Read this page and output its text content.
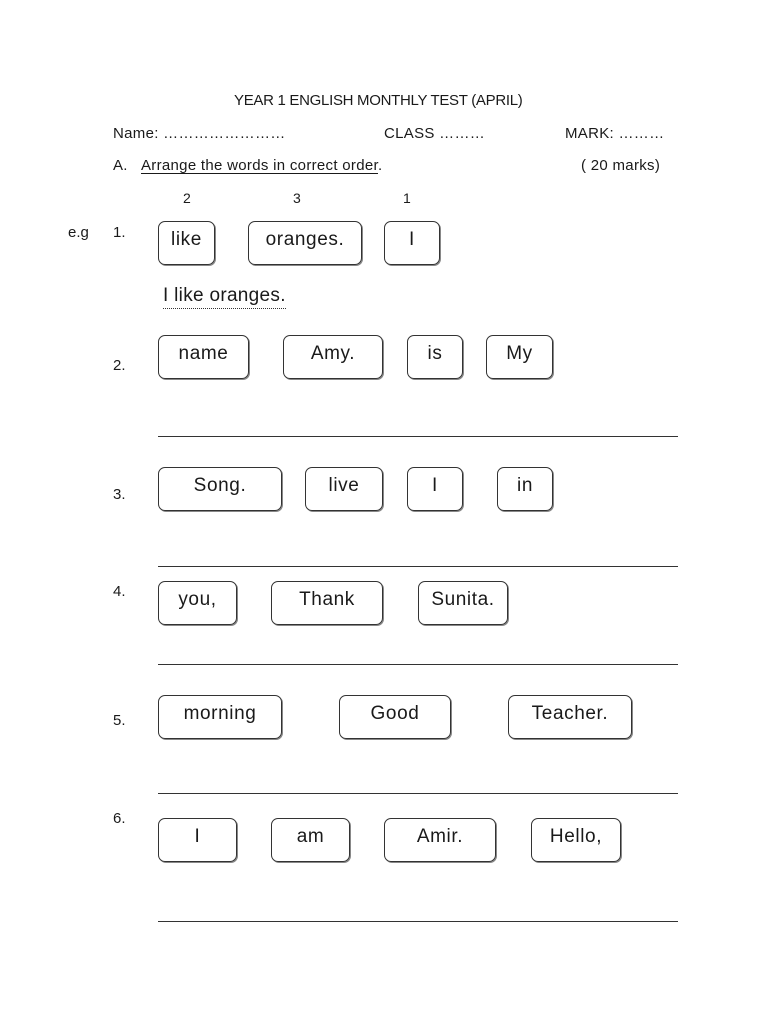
YEAR 1 ENGLISH MONTHLY TEST (APRIL)
Name: ……………………	CLASS ………	MARK: ………
A. Arrange the words in correct order.	( 20 marks)
2	3	1
e.g 1.	like	oranges.	I
I like oranges.
2.
name	Amy.	is	My
3.	Song.	live	I	in
4.	you,	Thank	Sunita.
5.	morning	Good	Teacher.
6.
I	am	Amir.	Hello,
